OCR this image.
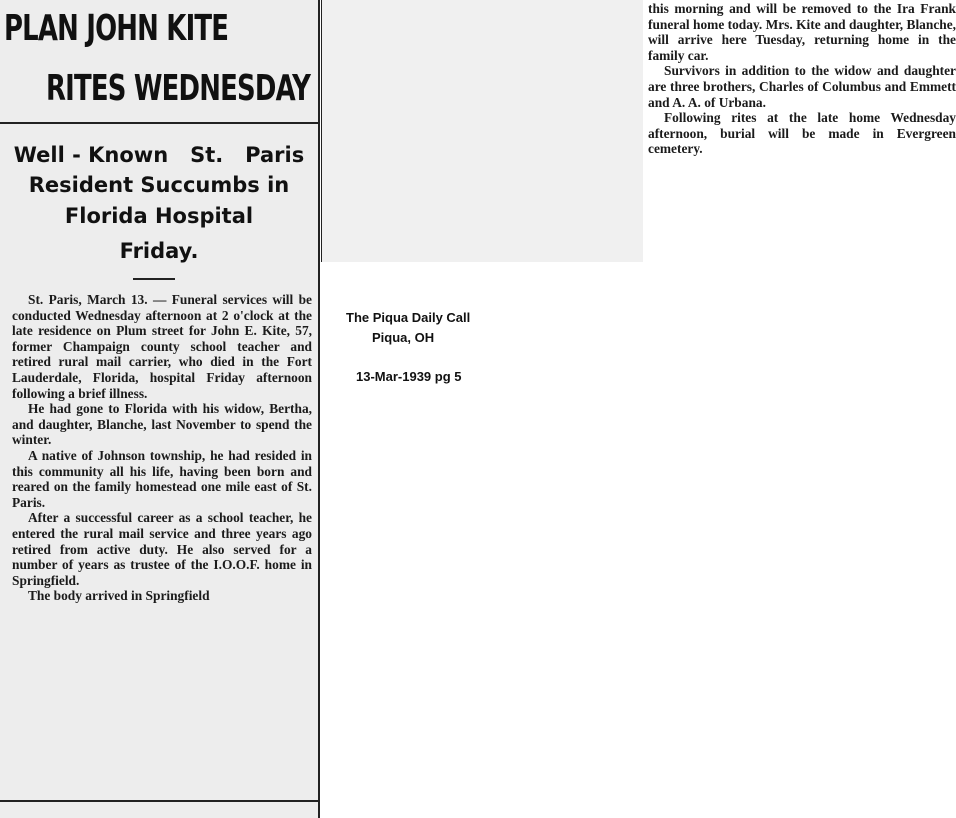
PLAN JOHN KITE
RITES WEDNESDAY
Well - Known   St.   Paris
Resident Succumbs in
Florida Hospital
Friday.

St. Paris, March 13. — Funeral services will be conducted Wednesday afternoon at 2 o'clock at the late residence on Plum street for John E. Kite, 57, former Champaign county school teacher and retired rural mail carrier, who died in the Fort Lauderdale, Florida, hospital Friday afternoon following a brief illness.

He had gone to Florida with his widow, Bertha, and daughter, Blanche, last November to spend the winter.

A native of Johnson township, he had resided in this community all his life, having been born and reared on the family homestead one mile east of St. Paris.

After a successful career as a school teacher, he entered the rural mail service and three years ago retired from active duty. He also served for a number of years as trustee of the I.O.O.F. home in Springfield.

The body arrived in Springfield

this morning and will be removed to the Ira Frank funeral home today. Mrs. Kite and daughter, Blanche, will arrive here Tuesday, returning home in the family car.

Survivors in addition to the widow and daughter are three brothers, Charles of Columbus and Emmett and A. A. of Urbana.

Following rites at the late home Wednesday afternoon, burial will be made in Evergreen cemetery.

The Piqua Daily Call
Piqua, OH
13-Mar-1939 pg 5
